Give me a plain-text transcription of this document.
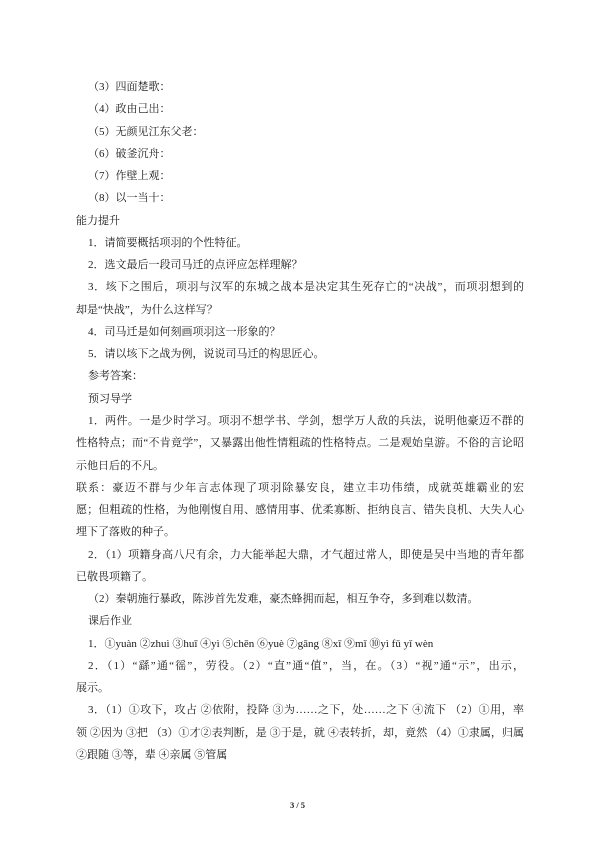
（3）四面楚歌：
（4）政由己出：
（5）无颜见江东父老：
（6）破釜沉舟：
（7）作壁上观：
（8）以一当十：
能力提升
1．请简要概括项羽的个性特征。
2．选文最后一段司马迁的点评应怎样理解？
3．垓下之围后，项羽与汉军的东城之战本是决定其生死存亡的“决战”，而项羽想到的
却是“快战”，为什么这样写？
4．司马迁是如何刻画项羽这一形象的？
5．请以垓下之战为例，说说司马迁的构思匠心。
参考答案：
预习导学
1．两件。一是少时学习。项羽不想学书、学剑，想学万人敌的兵法，说明他豪迈不群的
性格特点；而“不肯竟学”，又暴露出他性情粗疏的性格特点。二是观始皇游。不俗的言论昭
示他日后的不凡。
联系：豪迈不群与少年言志体现了项羽除暴安良，建立丰功伟绩，成就英雄霸业的宏
愿；但粗疏的性格，为他刚愎自用、感情用事、优柔寡断、拒纳良言、错失良机、大失人心
埋下了落败的种子。
2．（1）项籍身高八尺有余，力大能举起大鼎，才气超过常人，即使是吴中当地的青年都
已敬畏项籍了。
（2）秦朝施行暴政，陈涉首先发难，豪杰蜂拥而起，相互争夺，多到难以数清。
课后作业
1．①yuàn ②zhuì ③huī ④yì ⑤chēn ⑥yuè ⑦gāng ⑧xī ⑨mǐ ⑩yì fǔ yǐ wèn
2．（1）“繇”通“徭”，劳役。（2）“直”通“值”，当，在。（3）“视”通“示”，出示，
展示。
3．（1）①攻下，攻占 ②依附，投降 ③为……之下，处……之下 ④流下 （2）①用，率
领 ②因为 ③把 （3）①才②表判断，是 ③于是，就 ④表转折，却，竟然 （4）①隶属，归属
②跟随 ③等，辈 ④亲属 ⑤管属
3 / 5
